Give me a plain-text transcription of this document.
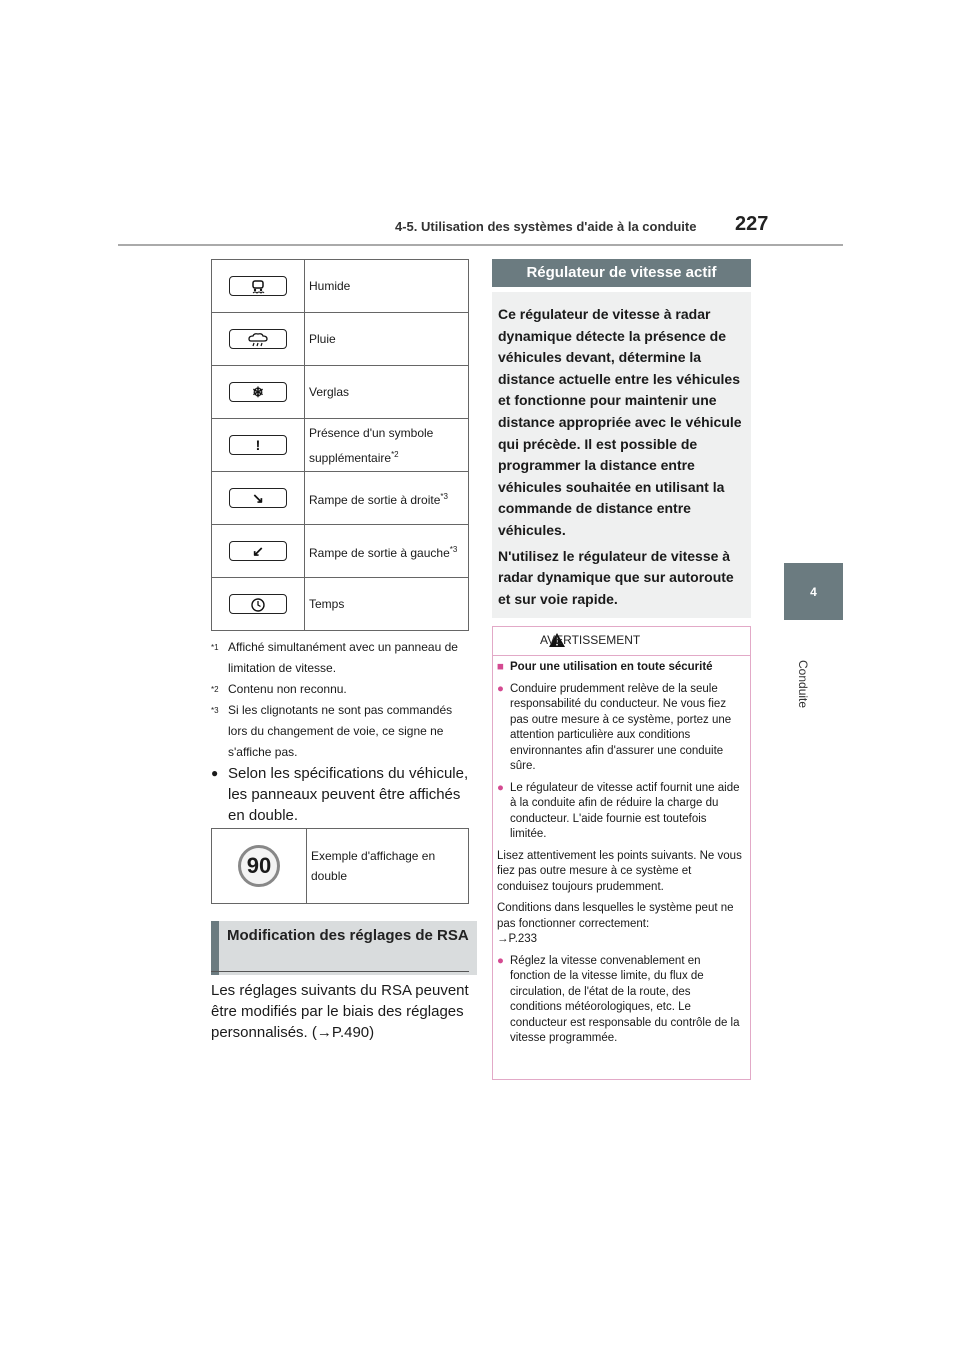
4-5. Utilisation des systèmes d'aide à la conduite 227
4
Conduite
	Humide
	Pluie
❄	Verglas
!	Présence d'un symbole supplémentaire$^{*2}$
↘	Rampe de sortie à droite$^{*3}$
↙	Rampe de sortie à gauche$^{*3}$
	Temps
*1 Affiché simultanément avec un panneau de limitation de vitesse.
*2 Contenu non reconnu.
*3 Si les clignotants ne sont pas commandés lors du changement de voie, ce signe ne s'affiche pas.
● Selon les spécifications du véhicule, les panneaux peuvent être affichés en double.
90	Exemple d'affichage en double
Modification des réglages de RSA
Les réglages suivants du RSA peuvent être modifiés par le biais des réglages personnalisés. (→P.490)
Régulateur de vitesse actif
Ce régulateur de vitesse à radar dynamique détecte la présence de véhicules devant, détermine la distance actuelle entre les véhicules et fonctionne pour maintenir une distance appropriée avec le véhicule qui précède. Il est possible de programmer la distance entre véhicules souhaitée en utilisant la commande de distance entre véhicules.
N'utilisez le régulateur de vitesse à radar dynamique que sur autoroute et sur voie rapide.
AVERTISSEMENT
■ Pour une utilisation en toute sécurité
● Conduire prudemment relève de la seule responsabilité du conducteur. Ne vous fiez pas outre mesure à ce système, portez une attention particulière aux conditions environnantes afin d'assurer une conduite sûre.
● Le régulateur de vitesse actif fournit une aide à la conduite afin de réduire la charge du conducteur. L'aide fournie est toutefois limitée.
Lisez attentivement les points suivants. Ne vous fiez pas outre mesure à ce système et conduisez toujours prudemment.
Conditions dans lesquelles le système peut ne pas fonctionner correctement:
→P.233
● Réglez la vitesse convenablement en fonction de la vitesse limite, du flux de circulation, de l'état de la route, des conditions météorologiques, etc. Le conducteur est responsable du contrôle de la vitesse programmée.
